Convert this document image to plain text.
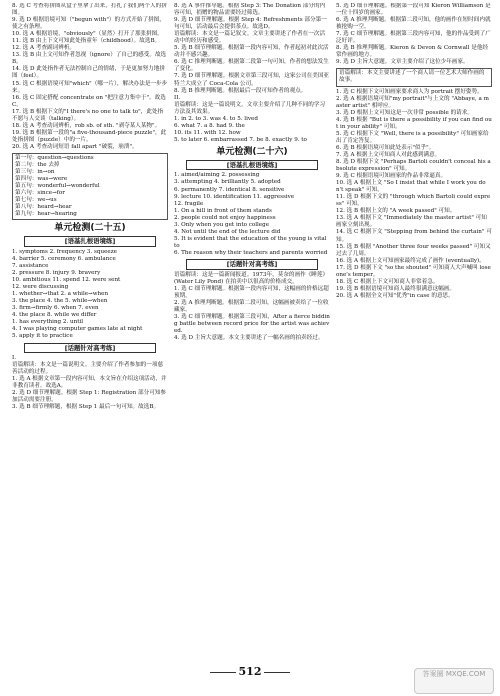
8. 选 C 考查将拼图从盒子里拿了出来，打扎了我们两个人的拼图。

9. 选 D 根据语境可知（"begun with"）的方式开始了拼图，使之有条理。

10. 选 A 根据语境，"obviously"（显然）打开了那张拼图。

11. 选 B 由上下文可知此处指童年（childhood）。故选B。

12. 选 A 考查副词辨析。

13. 选 B 由上文可知作者忽视（ignore）了自己的感受。故选B。

14. 选 D 此处指作者无法控制自己的情绪，于是更加努力地拼图（feel）。

15. 选 C 根据语境可知"which"（哪一片），解决办法是一步步来。

16. 选 C 固定搭配 concentrate on "把注意力集中于"。故选C。

17. 选 B 根据下文的"I there's no one to talk to"，此处指不愿与人交谈（talking）。

18. 选 A 考查动词辨析，rob sb. of sth. "剥夺某人某物"。

19. 选 B 根据第一段的"a five-thousand-piece puzzle"，此处指拼图（puzzle）中的一片。

20. 选 A 考查动词短语 fall apart "破裂，崩溃"。

第一句：question→questions

第二句：the 去掉

第三句：in→on

第四句：was→were

第五句：wonderful→wonderful

第六句：since→for

第七句：we→us

第八句：heard→hear

第九句：hear→hearing

单元检测(二十五)
[语基扎根语境练]

1. symptoms 2. frequency 3. squeeze

4. barrier 5. ceremony 6. ambulance

7. assistance

2. pressure 8. injury 9. bravery

10. ambitious 11. spend 12. were sent

12. were discussing

1. whether→that 2. a while→when

3. the place 4. the 5. while→when

3. firm→firmly 6. when 7. even

4. the place 8. while we differ

1. has everything 2. until

4. I was playing computer games late at night

5. apply it to practice

[话题针对高考练]

I.

语篇解读：本文是一篇说明文。主要介绍了作者参加的一项慈善活动的过程。

1. 选 A 根据文章第一段内容可知，本文旨在介绍这项活动，并非教育读者。故选A。

2. 选 D 细节理解题。根据 Step 1: Registration 部分可知参加活动需要注册。

3. 选 B 细节理解题，根据 Step 1 最后一句可知。故选B。

8. 选 A 事件推导题。根据 Step 3: The Donation 部分的内容可知，捐赠的物品需要经过筛选。

9. 选 D 细节理解题。根据 Step 4: Refreshments 部分第一句可知，活动最后会提供茶点。故选D。

语篇解读：本文是一篇记叙文。文章主要讲述了作者在一次活动中的经历和感受。

5. 选 B 细节理解题。根据第一段内容可知，作者起初对此次活动并不感兴趣。

6. 选 C 推理判断题。根据第二段第一句可知，作者的想法发生了变化。

7. 选 D 细节理解题。根据文章第三段可知，这家公司在美国亚特兰大成立了 Coca-Cola 公司。

8. 选 B 推理判断题。根据最后一段可知作者的观点。

II.

语篇解读：这是一篇说明文。文章主要介绍了几种不同的学习方法及其效果。

1. in 2. to 3. was 4. to 5. lived

6. what 7. a 8. had 9. the

10. its 11. with 12. how

5. to later 6. embarrassed 7. be 8. exactly 9. to

单元检测(二十六)
[语基扎根语境练]

1. aimed/aiming 2. possessing

3. attempting 4. brilliantly 5. adopted

6. permanently 7. identical 8. sensitive

9. lecture 10. identification 11. aggressive

12. fragile

1. On a hill in front of them stands

2. people could not enjoy happiness

3. Only when you get into college

4. Not until the end of the lecture did

5. It is evident that the education of the young is vital to

6. The reason why their teachers and parents worried

[话题针对高考练]

语篇解读：这是一篇新闻报道。1973年，莫奈的画作《睡莲》(Water Lily Pond) 在拍卖中以很高的价格成交。

1. 选 C 细节理解题。根据第一段内容可知，这幅画的价格远超预期。

2. 选 A 推理判断题。根据第二段可知，这幅画被卖给了一位收藏家。

3. 选 C 细节理解题。根据第三段可知，After a fierce bidding battle between record price for the artist was achieved.

4. 选 D 主旨大意题。本文主要讲述了一幅名画的拍卖经过。

5. 选 D 细节理解题。根据第一段可知 Kieron Williamson 是一位十四岁的画家。

6. 选 A 推理判断题。根据第二段可知，他的画作在短时间内就被抢购一空。

7. 选 C 细节理解题。根据第三段内容可知，他的作品受到了广泛好评。

8. 选 B 推理判断题。Kieron & Devon & Cornwall 是他经常作画的地方。

9. 选 D 主旨大意题。文章主要介绍了这位少年画家。

语篇解读：本文主要讲述了一个商人请一位艺术大师作画的故事。

1. 选 C 根据下文可知画家要求商人为 portrait 摆好姿势。

2. 选 A 根据语境可知"my portrait"与上文的 "Abbaye, a master artist" 相呼应。

3. 选 D 根据上文可知这是一次非常 possible 的请求。

4. 选 B 根据 "But is there a possibility if you can find out in your ability" 可知。

5. 选 C 根据下文 "Well, there is a possibility" 可知画家给出了肯定答复。

6. 选 B 根据语境可知此处表示"似乎"。

7. 选 A 根据上文可知商人对此感到满意。

8. 选 D 根据下文 "Perhaps Bartoli couldn't conceal his absolute expression" 可知。

9. 选 C 根据语境可知画家的作品非常逼真。

10. 选 A 根据上文 "So I insist that while I work you don't speak" 可知。

11. 选 D 根据下文的 "through which Bartoli could express" 可知。

12. 选 B 根据上文的 "A week passed" 可知。

13. 选 A 根据下文 "Immediately the master artist" 可知画家立刻出现。

14. 选 C 根据下文 "Stepping from behind the curtain" 可知。

15. 选 B 根据 "Another three four weeks passed" 可知又过去了几周。

16. 选 A 根据上文可知画家最终完成了画作 (eventually)。

17. 选 D 根据下文 "so the shouted" 可知商人大声喊叫 lose one's temper。

18. 选 C 根据上下文可知商人非常着急。

19. 选 B 根据语境可知商人最终很满意这幅画。

20. 选 A 根据全文可知"优秀"in case 的意思。

512	答案圈 MXQE.COM
